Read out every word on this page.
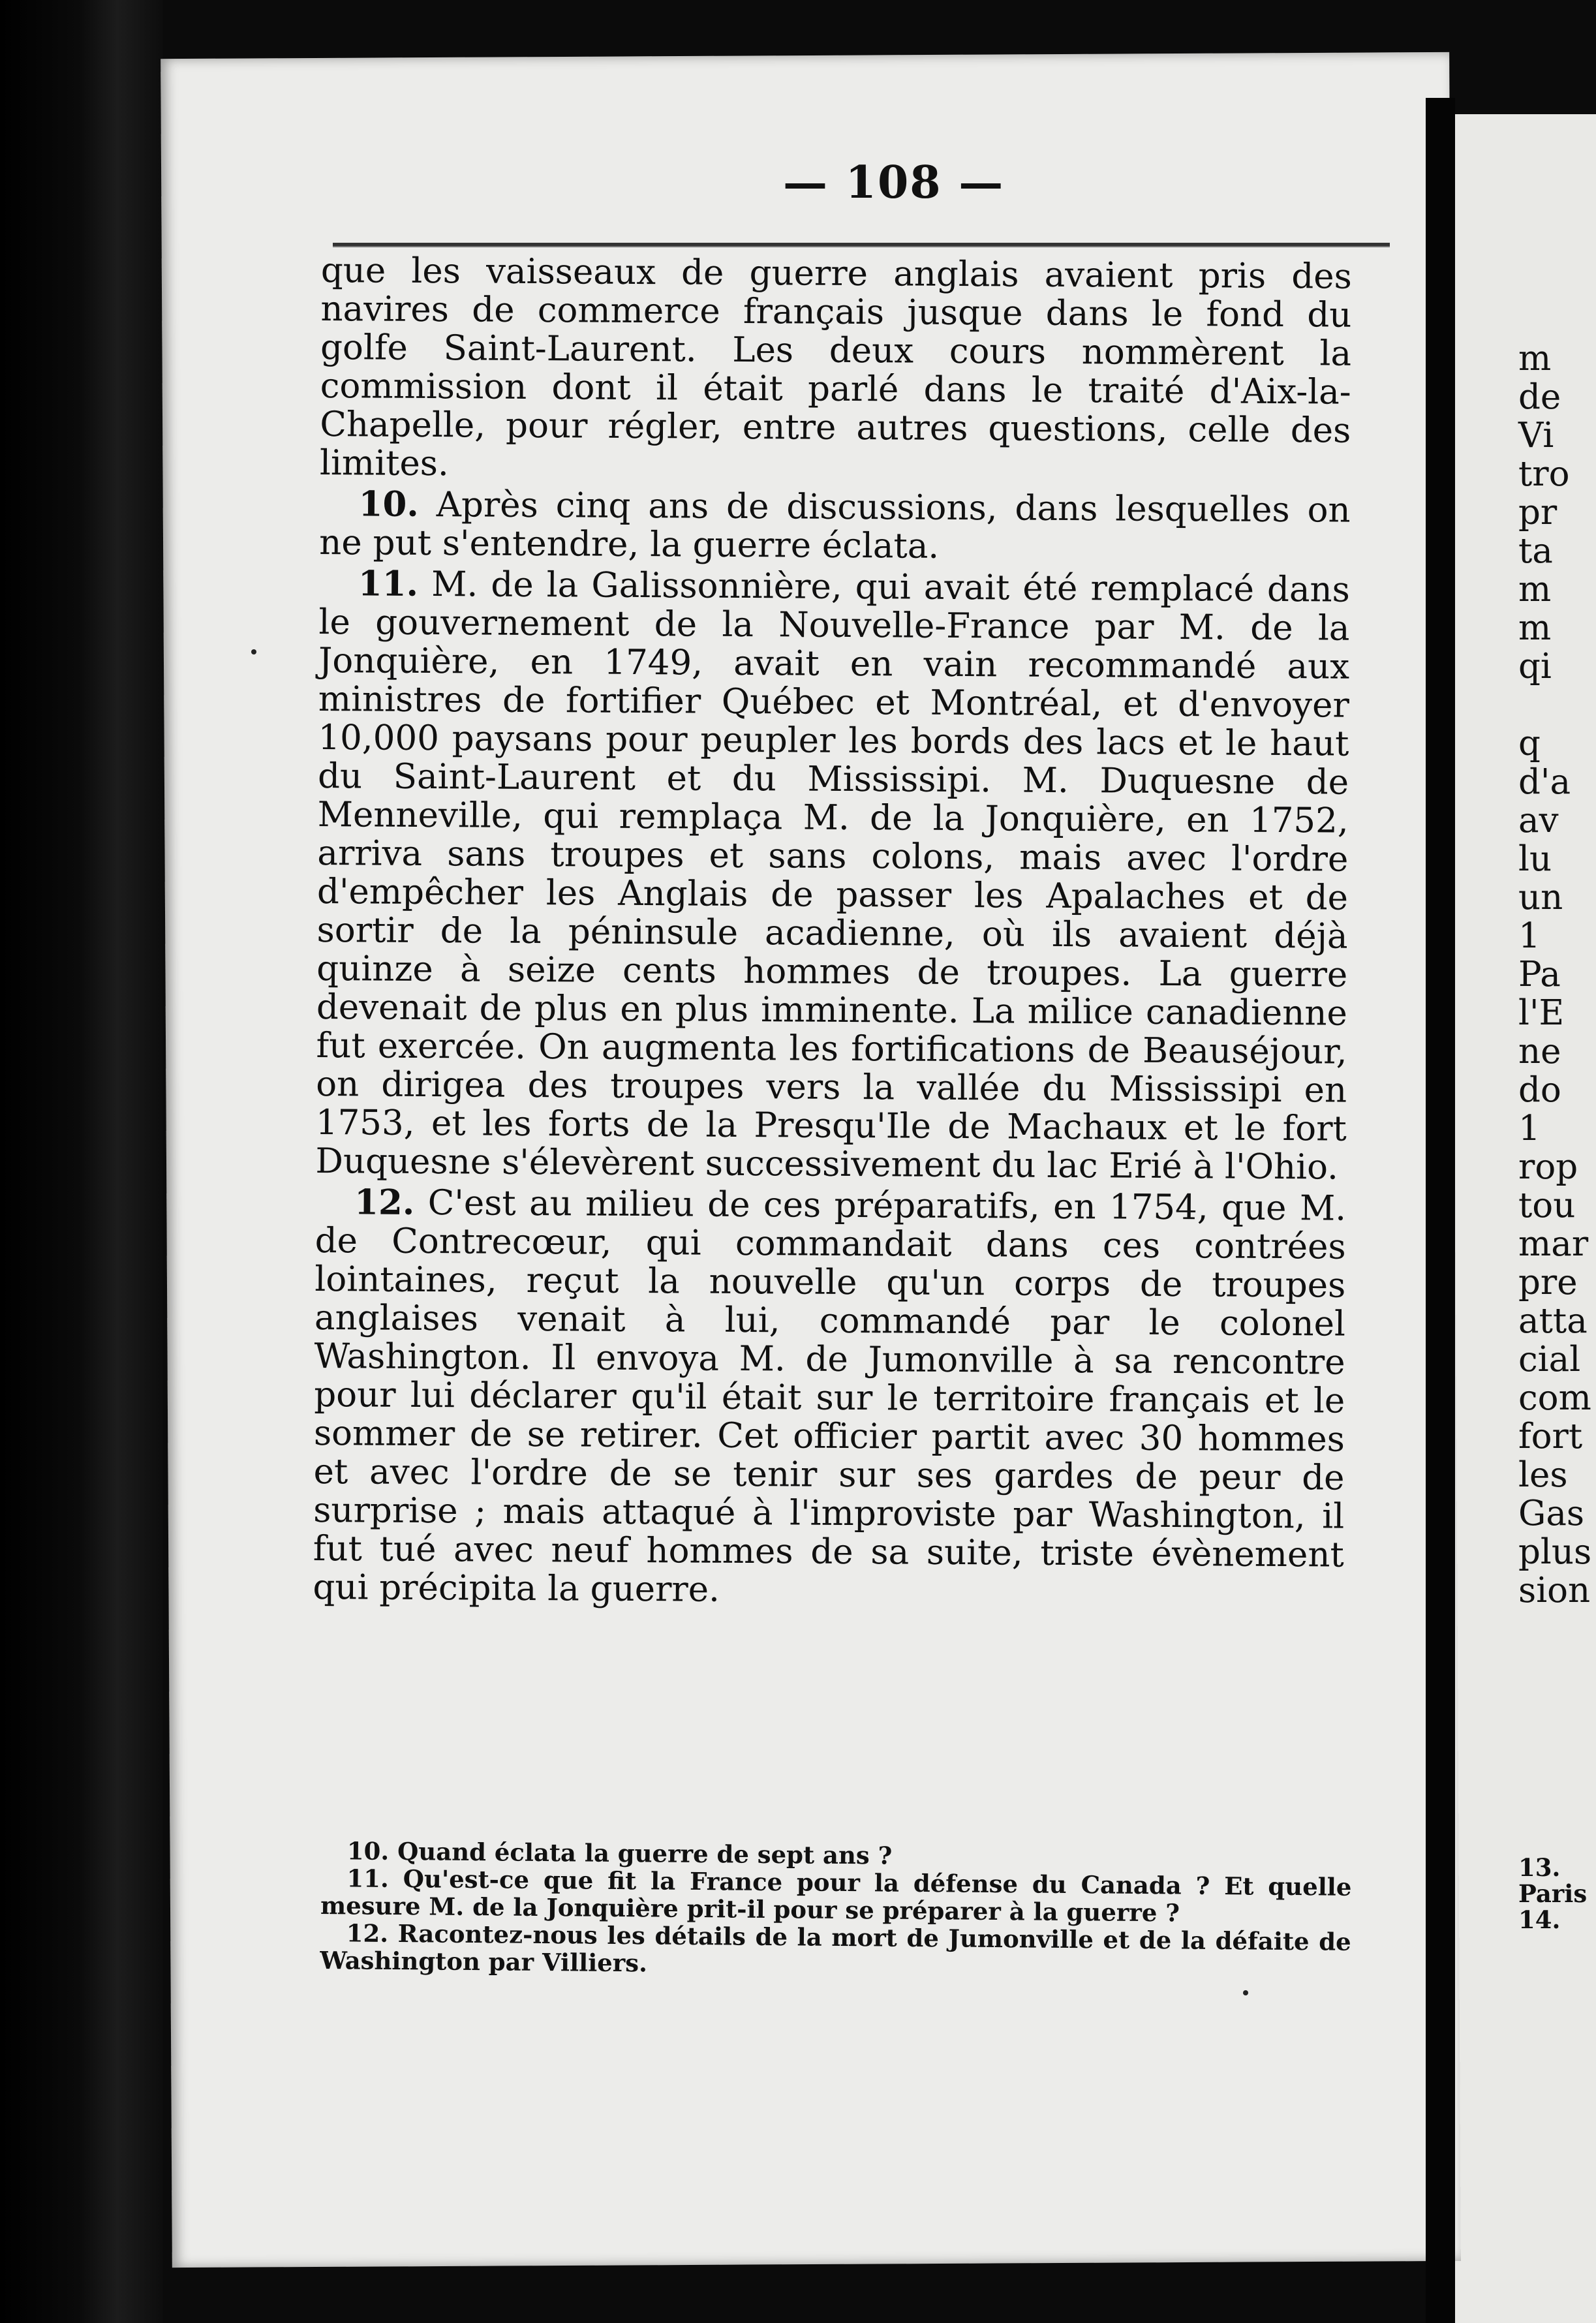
— 108 —

que les vaisseaux de guerre anglais avaient pris des navires de commerce français jusque dans le fond du golfe Saint-Laurent. Les deux cours nommèrent la commission dont il était parlé dans le traité d'Aix-la-Chapelle, pour régler, entre autres questions, celle des limites.

10. Après cinq ans de discussions, dans lesquelles on ne put s'entendre, la guerre éclata.

11. M. de la Galissonnière, qui avait été remplacé dans le gouvernement de la Nouvelle-France par M. de la Jonquière, en 1749, avait en vain recommandé aux ministres de fortifier Québec et Montréal, et d'envoyer 10,000 paysans pour peupler les bords des lacs et le haut du Saint-Laurent et du Mississipi. M. Duquesne de Menneville, qui remplaça M. de la Jonquière, en 1752, arriva sans troupes et sans colons, mais avec l'ordre d'empêcher les Anglais de passer les Apalaches et de sortir de la péninsule acadienne, où ils avaient déjà quinze à seize cents hommes de troupes. La guerre devenait de plus en plus imminente. La milice canadienne fut exercée. On augmenta les fortifications de Beauséjour, on dirigea des troupes vers la vallée du Mississipi en 1753, et les forts de la Presqu'Ile de Machaux et le fort Duquesne s'élevèrent successivement du lac Erié à l'Ohio.

12. C'est au milieu de ces préparatifs, en 1754, que M. de Contrecœur, qui commandait dans ces contrées lointaines, reçut la nouvelle qu'un corps de troupes anglaises venait à lui, commandé par le colonel Washington. Il envoya M. de Jumonville à sa rencontre pour lui déclarer qu'il était sur le territoire français et le sommer de se retirer. Cet officier partit avec 30 hommes et avec l'ordre de se tenir sur ses gardes de peur de surprise ; mais attaqué à l'improviste par Washington, il fut tué avec neuf hommes de sa suite, triste évènement qui précipita la guerre.

10. Quand éclata la guerre de sept ans ?

11. Qu'est-ce que fit la France pour la défense du Canada ? Et quelle mesure M. de la Jonquière prit-il pour se préparer à la guerre ?

12. Racontez-nous les détails de la mort de Jumonville et de la défaite de Washington par Villiers.

m
de
Vi
tro
pr
ta
m
m
qi
q
d'a
av
lu
un
1
Pa
l'E
ne
do
1
rop
tou
mar
pre
atta
cial
com
fort
les
Gas
plus
sion
13.
Paris
14.
